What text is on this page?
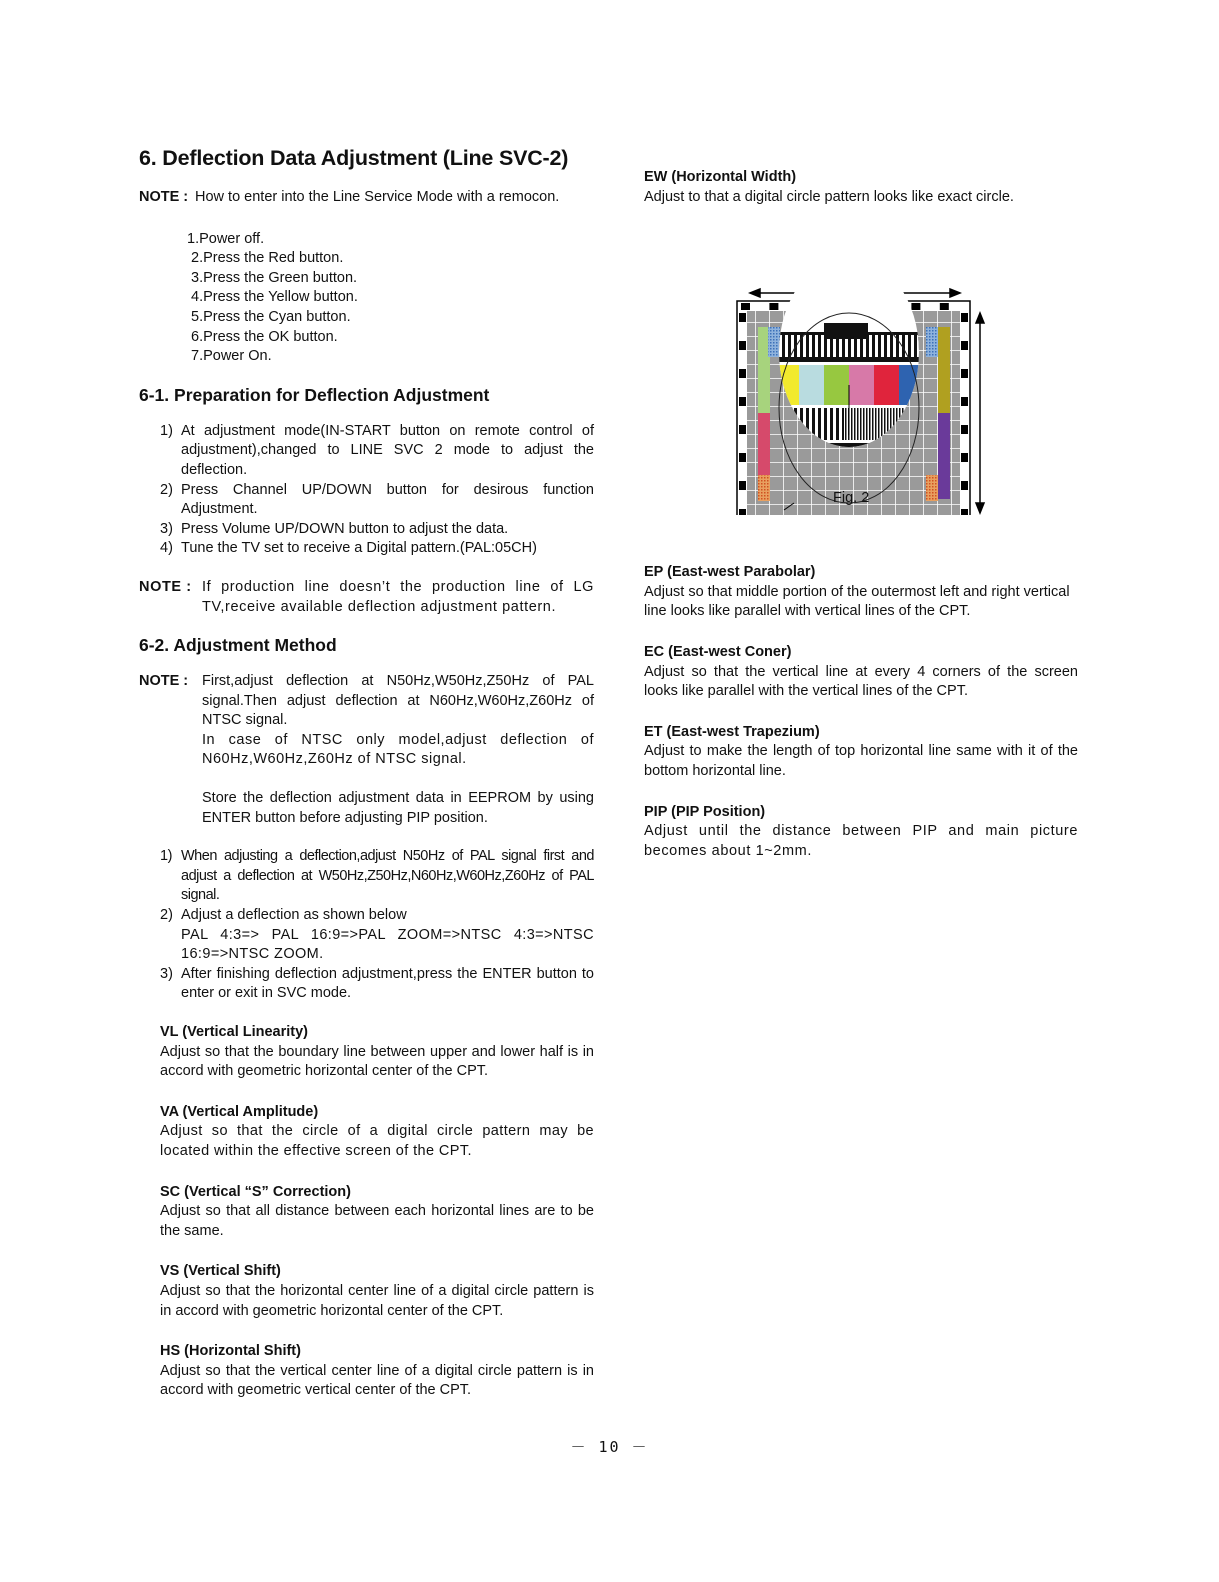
6. Deflection Data Adjustment (Line SVC-2)

NOTE : How to enter into the Line Service Mode with a remocon.

1.Power off.
2.Press the Red button.
3.Press the Green button.
4.Press the Yellow button.
5.Press the Cyan button.
6.Press the OK button.
7.Power On.
6-1. Preparation for Deflection Adjustment
1) At adjustment mode(IN-START button on remote control of adjustment),changed to LINE SVC 2 mode to adjust the deflection.
2) Press Channel UP/DOWN button for desirous function Adjustment.
3) Press Volume UP/DOWN button to adjust the data.
4) Tune the TV set to receive a Digital pattern.(PAL:05CH)

NOTE : If production line doesn’t the production line of LG TV,receive available deflection adjustment pattern.

6-2. Adjustment Method
NOTE : First,adjust deflection at N50Hz,W50Hz,Z50Hz of PAL signal.Then adjust deflection at N60Hz,W60Hz,Z60Hz of NTSC signal.

In case of NTSC only model,adjust deflection of N60Hz,W60Hz,Z60Hz of NTSC signal.

Store the deflection adjustment data in EEPROM by using ENTER button before adjusting PIP position.

1) When adjusting a deflection,adjust N50Hz of PAL signal first and adjust a deflection at W50Hz,Z50Hz,N60Hz,W60Hz,Z60Hz of PAL signal.
2) Adjust a deflection as shown below
PAL 4:3=> PAL 16:9=>PAL ZOOM=>NTSC 4:3=>NTSC 16:9=>NTSC ZOOM.
3) After finishing deflection adjustment,press the ENTER button to enter or exit in SVC mode.
VL (Vertical Linearity)

Adjust so that the boundary line between upper and lower half is in accord with geometric horizontal center of the CPT.

VA (Vertical Amplitude)

Adjust so that the circle of a digital circle pattern may be located within the effective screen of the CPT.

SC (Vertical “S” Correction)

Adjust so that all distance between each horizontal lines are to be the same.

VS (Vertical Shift)

Adjust so that the horizontal center line of a digital circle pattern is in accord with geometric horizontal center of the CPT.

HS (Horizontal Shift)

Adjust so that the vertical center line of a digital circle pattern is in accord with geometric vertical center of the CPT.

EW (Horizontal Width)

Adjust to that a digital circle pattern looks like exact circle.

Fig. 2
EP (East-west Parabolar)

Adjust so that middle portion of the outermost left and right vertical line looks like parallel with vertical lines of the CPT.

EC (East-west Coner)

Adjust so that the vertical line at every 4 corners of the screen looks like parallel with the vertical lines of the CPT.

ET (East-west Trapezium)

Adjust to make the length of top horizontal line same with it of the bottom horizontal line.

PIP (PIP Position)

Adjust until the distance between PIP and main picture becomes about 1~2mm.

－ 10 －
